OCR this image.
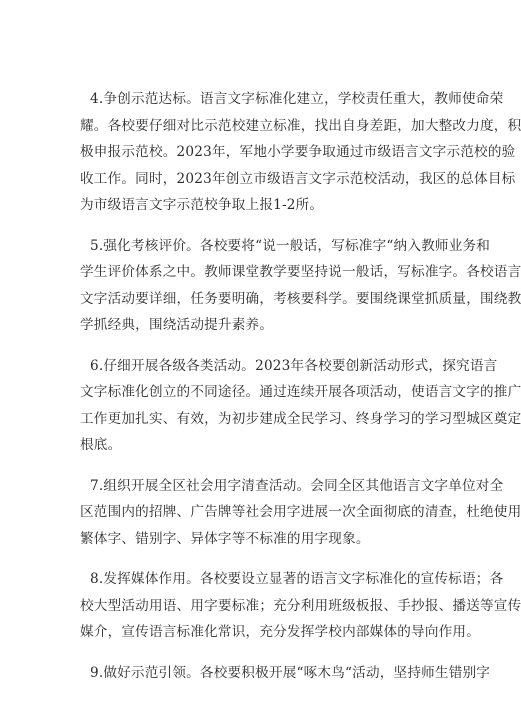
4.争创示范达标。语言文字标准化建立，学校责任重大，教师使命荣
耀。各校要仔细对比示范校建立标准，找出自身差距，加大整改力度，积
极申报示范校。2023年，军地小学要争取通过市级语言文字示范校的验
收工作。同时，2023年创立市级语言文字示范校活动，我区的总体目标
为市级语言文字示范校争取上报1-2所。
5.强化考核评价。各校要将“说一般话，写标准字“纳入教师业务和
学生评价体系之中。教师课堂教学要坚持说一般话，写标准字。各校语言
文字活动要详细，任务要明确，考核要科学。要围绕课堂抓质量，围绕教
学抓经典，围绕活动提升素养。
6.仔细开展各级各类活动。2023年各校要创新活动形式，探究语言
文字标准化创立的不同途径。通过连续开展各项活动，使语言文字的推广
工作更加扎实、有效，为初步建成全民学习、终身学习的学习型城区奠定
根底。
7.组织开展全区社会用字清查活动。会同全区其他语言文字单位对全
区范围内的招牌、广告牌等社会用字进展一次全面彻底的清查，杜绝使用
繁体字、错别字、异体字等不标准的用字现象。
8.发挥媒体作用。各校要设立显著的语言文字标准化的宣传标语；各
校大型活动用语、用字要标准；充分利用班级板报、手抄报、播送等宣传
媒介，宣传语言标准化常识，充分发挥学校内部媒体的导向作用。
9.做好示范引领。各校要积极开展“啄木鸟“活动，坚持师生错别字
